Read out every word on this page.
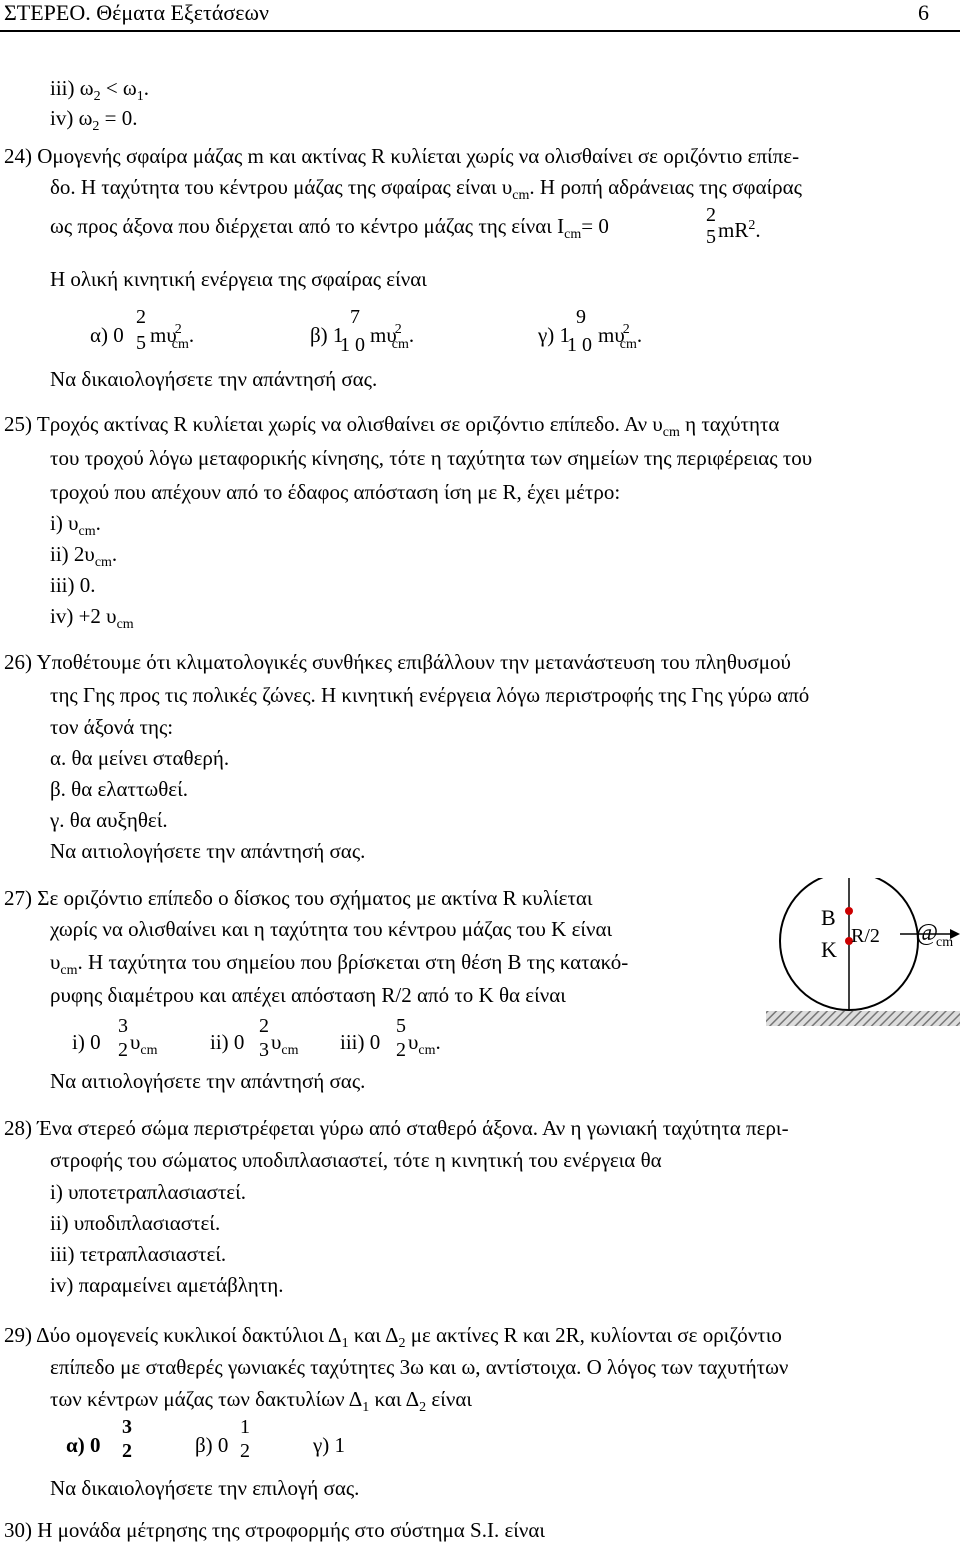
ΣΤΕΡΕΟ. Θέματα Εξετάσεων	6
iii) $\omega_2 < \omega_1$.
iv) $\omega_2 = 0$.
24) Ομογενής σφαίρα μάζας m και ακτίνας R κυλίεται χωρίς να ολισθαίνει σε οριζόντιο επίπε-
δο. Η ταχύτητα του κέντρου μάζας της σφαίρας είναι $\upsilon_{cm}$. Η ροπή αδράνειας της σφαίρας
ως προς άξονα που διέρχεται από το κέντρο μάζας της είναι $I_{cm}= 0$	2
5 $mR^2$.
Η ολική κινητική ενέργεια της σφαίρας είναι
α) 0
2
5 $m\upsilon^2_{cm}$.	β) 1
7
1 0 $m\upsilon^2_{cm}$.	γ) 1
9
1 0 $m\upsilon^2_{cm}$.
Να δικαιολογήσετε την απάντησή σας.
25) Τροχός ακτίνας R κυλίεται χωρίς να ολισθαίνει σε οριζόντιο επίπεδο. Αν $\upsilon_{cm}$ η ταχύτητα
του τροχού λόγω μεταφορικής κίνησης, τότε η ταχύτητα των σημείων της περιφέρειας του
τροχού που απέχουν από το έδαφος απόσταση ίση με R, έχει μέτρο:
i) $\upsilon_{cm}$.
ii) $2\upsilon_{cm}$.
iii) 0.
iv) +2 $\upsilon_{cm}$
26) Υποθέτουμε ότι κλιματολογικές συνθήκες επιβάλλουν την μετανάστευση του πληθυσμού
της Γης προς τις πολικές ζώνες. Η κινητική ενέργεια λόγω περιστροφής της Γης γύρω από
τον άξονά της:
α. θα μείνει σταθερή.
β. θα ελαττωθεί.
γ. θα αυξηθεί.
Να αιτιολογήσετε την απάντησή σας.
27) Σε οριζόντιο επίπεδο ο δίσκος του σχήματος με ακτίνα R κυλίεται
χωρίς να ολισθαίνει και η ταχύτητα του κέντρου μάζας του Κ είναι
$\upsilon_{cm}$. Η ταχύτητα του σημείου που βρίσκεται στη θέση Β της κατακό-
ρυφης διαμέτρου και απέχει απόσταση R/2 από το Κ θα είναι
i) 0
3
2 $\upsilon_{cm}$ ii) 0
2
3 $\upsilon_{cm}$ iii) 0
5
2 $\upsilon_{cm}$.
Να αιτιολογήσετε την απάντησή σας.
B
K
R/2 @
cm
28) Ένα στερεό σώμα περιστρέφεται γύρω από σταθερό άξονα. Αν η γωνιακή ταχύτητα περι-
στροφής του σώματος υποδιπλασιαστεί, τότε η κινητική του ενέργεια θα
i) υποτετραπλασιαστεί.
ii) υποδιπλασιαστεί.
iii) τετραπλασιαστεί.
iv) παραμείνει αμετάβλητη.
29) Δύο ομογενείς κυκλικοί δακτύλιοι $\Delta_1$ και $\Delta_2$ με ακτίνες R και 2R, κυλίονται σε οριζόντιο
επίπεδο με σταθερές γωνιακές ταχύτητες 3ω και ω, αντίστοιχα. Ο λόγος των ταχυτήτων
των κέντρων μάζας των δακτυλίων $\Delta_1$ και $\Delta_2$ είναι
α) 0
3
2	β) 0
1
2	γ) 1
Να δικαιολογήσετε την επιλογή σας.
30) Η μονάδα μέτρησης της στροφορμής στο σύστημα S.I. είναι
